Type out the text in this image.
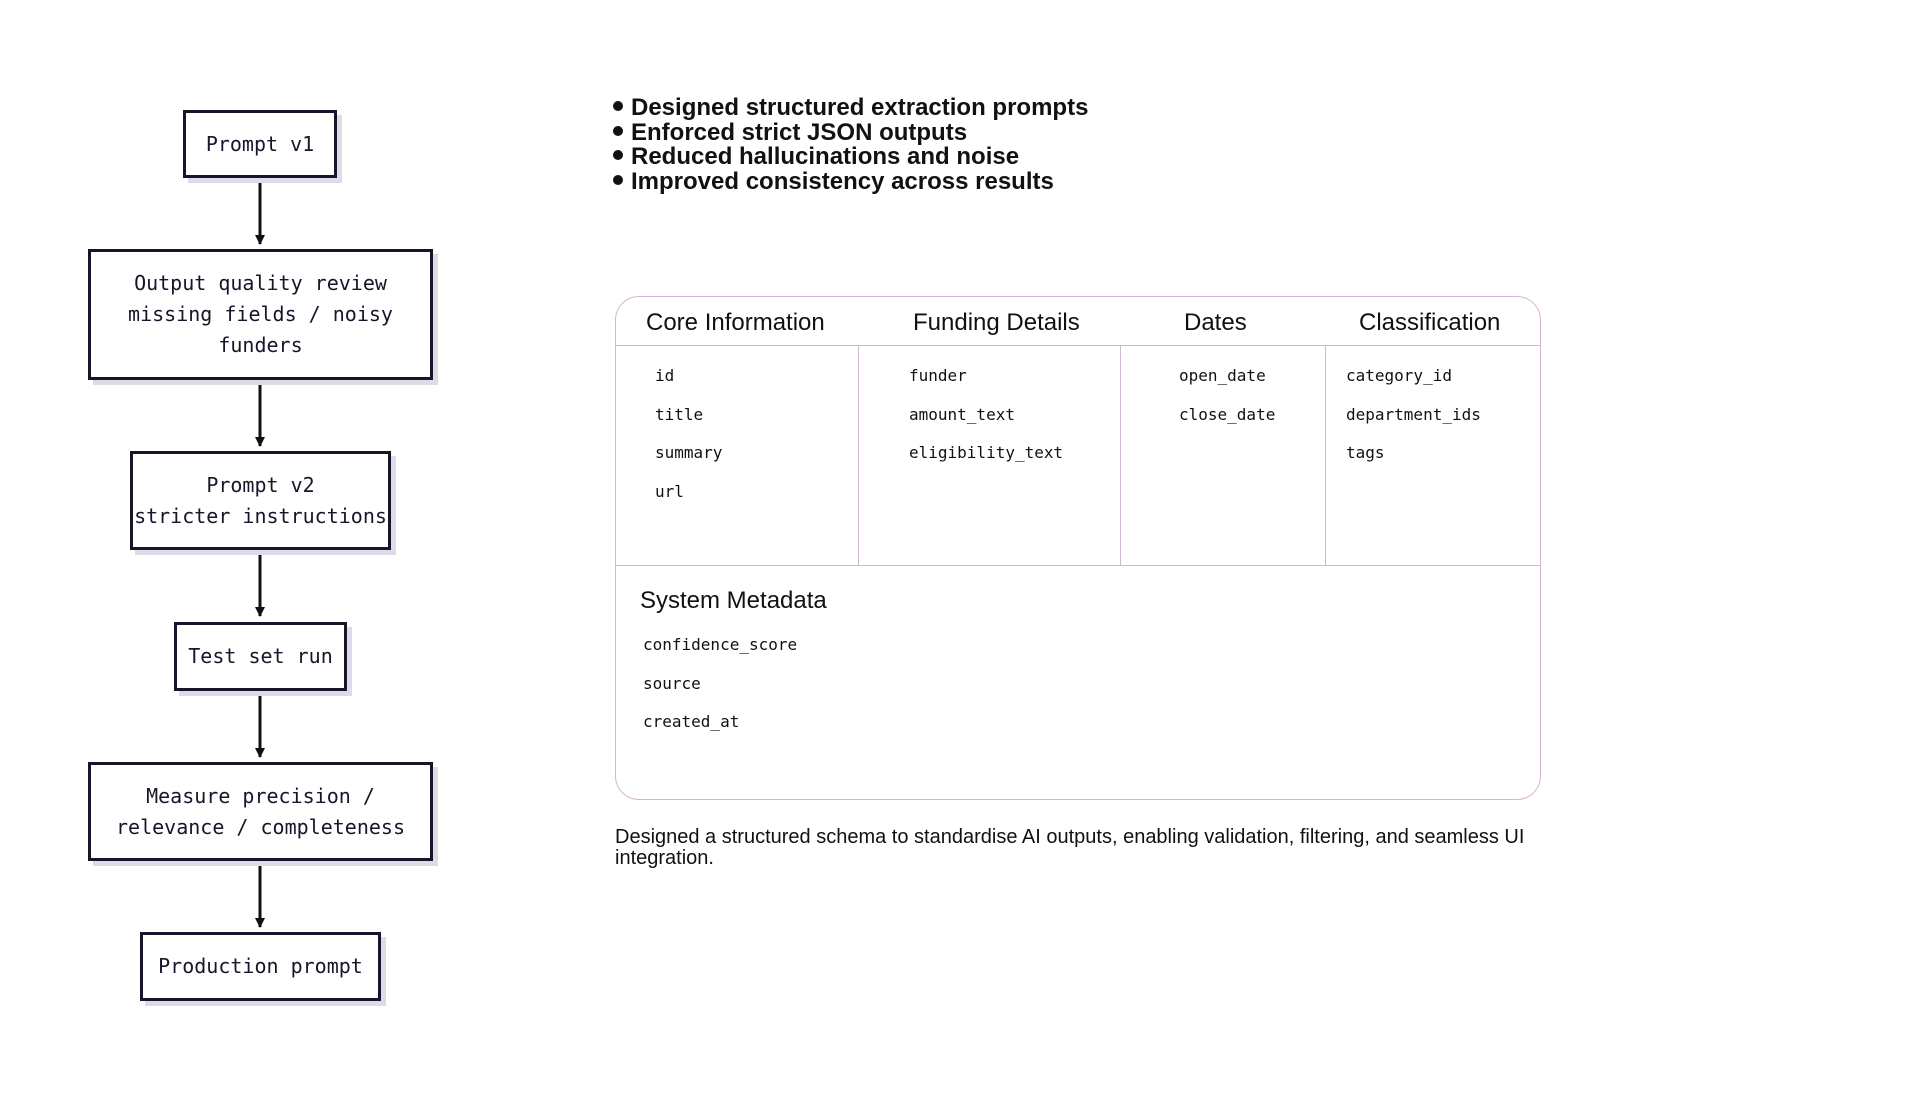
Prompt v1
Output quality review
missing fields / noisy
funders
Prompt v2
stricter instructions
Test set run
Measure precision /
relevance / completeness
Production prompt
Designed structured extraction prompts
Enforced strict JSON outputs
Reduced hallucinations and noise
Improved consistency across results
Core Information
id
title
summary
url
Funding Details
funder
amount_text
eligibility_text
Dates
open_date
close_date
Classification
category_id
department_ids
tags
System Metadata
confidence_score
source
created_at
Designed a structured schema to standardise AI outputs, enabling validation, filtering, and seamless UI integration.
